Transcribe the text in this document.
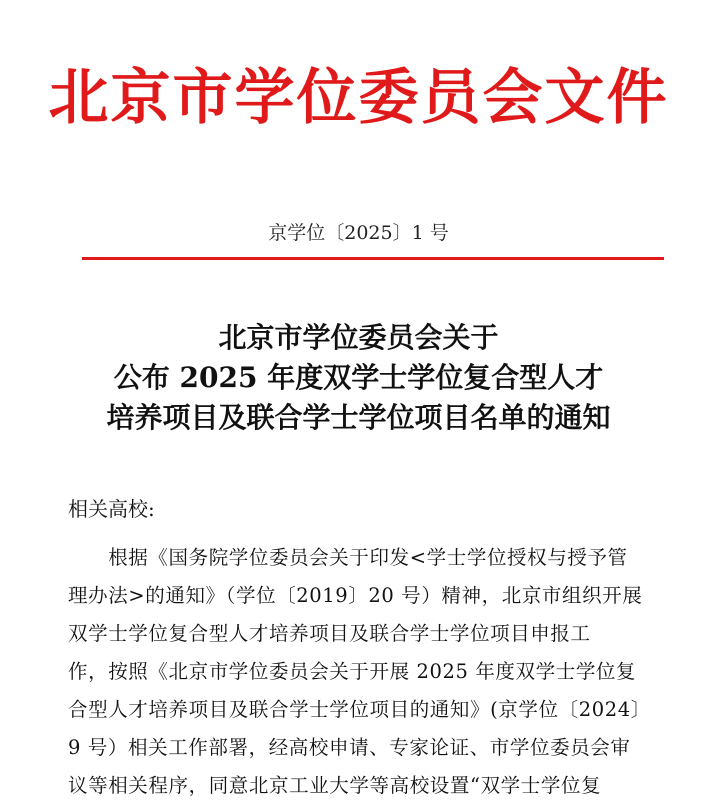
北京市学位委员会文件
京学位〔2025〕1 号
北京市学位委员会关于
公布 2025 年度双学士学位复合型人才
培养项目及联合学士学位项目名单的通知
相关高校:
　　根据《国务院学位委员会关于印发<学士学位授权与授予管
理办法>的通知》（学位〔2019〕20 号）精神，北京市组织开展
双学士学位复合型人才培养项目及联合学士学位项目申报工
作，按照《北京市学位委员会关于开展 2025 年度双学士学位复
合型人才培养项目及联合学士学位项目的通知》(京学位〔2024〕
9 号）相关工作部署，经高校申请、专家论证、市学位委员会审
议等相关程序，同意北京工业大学等高校设置“双学士学位复
